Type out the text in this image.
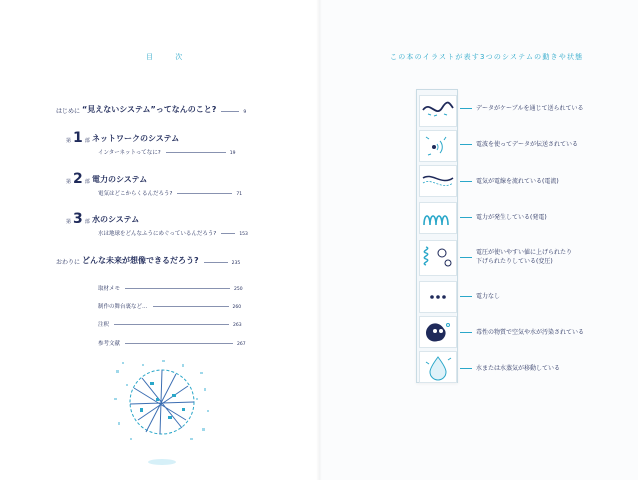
目 次
はじめに “見えないシステム”ってなんのこと?	9
第 1 部 ネットワークのシステム
インターネットってなに?	19
第 2 部 電力のシステム
電気はどこからくるんだろう?	71
第 3 部 水のシステム
水は地球をどんなふうにめぐっているんだろう?	153
おわりに どんな未来が想像できるだろう?	235
取材メモ	250
制作の舞台裏など…	260
注釈	263
参考文献	267
この本のイラストが表す3つのシステムの動きや状態
データがケーブルを通じて送られている
電波を使ってデータが伝送されている
電気が電線を流れている(電流)
電力が発生している(発電)
電圧が使いやすい値に上げられたり
下げられたりしている(変圧)
電力なし
毒性の物質で空気や水が汚染されている
水または水蒸気が移動している
